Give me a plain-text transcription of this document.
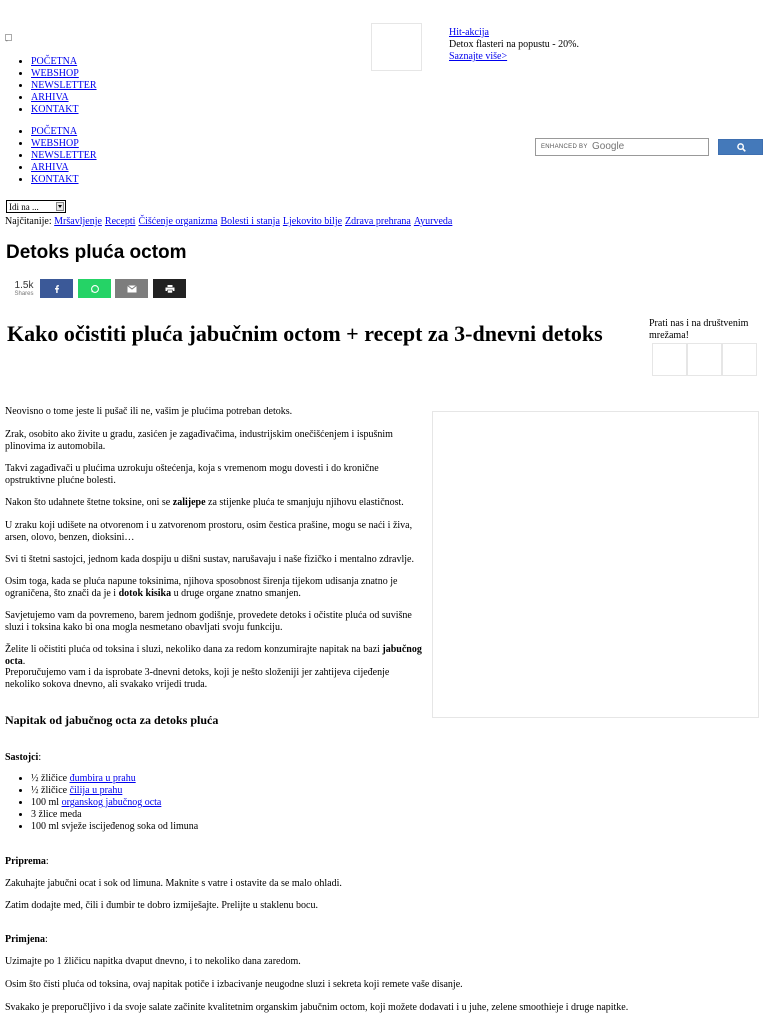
▫
Hit-akcija
Detox flasteri na popustu - 20%.
Saznajte više>
• POČETNA
• WEBSHOP
• NEWSLETTER
• ARHIVA
• KONTAKT
• POČETNA
• WEBSHOP
• NEWSLETTER
• ARHIVA
• KONTAKT
ENHANCED BY Google
Idi na ...
Najčitanije: Mršavljenje Recepti Čišćenje organizma Bolesti i stanja Ljekovito bilje Zdrava prehrana Ayurveda
Detoks pluća octom
1.5k
Shares
Kako očistiti pluća jabučnim octom + recept za 3-dnevni detoks	Prati nas i na društvenim mrežama!

Neovisno o tome jeste li pušač ili ne, vašim je plućima potreban detoks.

Zrak, osobito ako živite u gradu, zasićen je zagađivačima, industrijskim onečišćenjem i ispušnim plinovima iz automobila.

Takvi zagađivači u plućima uzrokuju oštećenja, koja s vremenom mogu dovesti i do kronične opstruktivne plućne bolesti.

Nakon što udahnete štetne toksine, oni se zalijepe za stijenke pluća te smanjuju njihovu elastičnost.

U zraku koji udišete na otvorenom i u zatvorenom prostoru, osim čestica prašine, mogu se naći i živa, arsen, olovo, benzen, dioksini…

Svi ti štetni sastojci, jednom kada dospiju u dišni sustav, narušavaju i naše fizičko i mentalno zdravlje.

Osim toga, kada se pluća napune toksinima, njihova sposobnost širenja tijekom udisanja znatno je ograničena, što znači da je i dotok kisika u druge organe znatno smanjen.

Savjetujemo vam da povremeno, barem jednom godišnje, provedete detoks i očistite pluća od suvišne sluzi i toksina kako bi ona mogla nesmetano obavljati svoju funkciju.

Želite li očistiti pluća od toksina i sluzi, nekoliko dana za redom konzumirajte napitak na bazi jabučnog octa.

Preporučujemo vam i da isprobate 3-dnevni detoks, koji je nešto složeniji jer zahtijeva cijeđenje nekoliko sokova dnevno, ali svakako vrijedi truda.

Napitak od jabučnog octa za detoks pluća

Sastojci:

• ½ žličice đumbira u prahu
• ½ žličice čilija u prahu
• 100 ml organskog jabučnog octa
• 3 žlice meda
• 100 ml svježe iscijeđenog soka od limuna

Priprema:

Zakuhajte jabučni ocat i sok od limuna. Maknite s vatre i ostavite da se malo ohladi.

Zatim dodajte med, čili i đumbir te dobro izmiješajte. Prelijte u staklenu bocu.

Primjena:

Uzimajte po 1 žličicu napitka dvaput dnevno, i to nekoliko dana zaredom.

Osim što čisti pluća od toksina, ovaj napitak potiče i izbacivanje neugodne sluzi i sekreta koji remete vaše disanje.

Svakako je preporučljivo i da svoje salate začinite kvalitetnim organskim jabučnim octom, koji možete dodavati i u juhe, zelene smoothieje i druge napitke.
